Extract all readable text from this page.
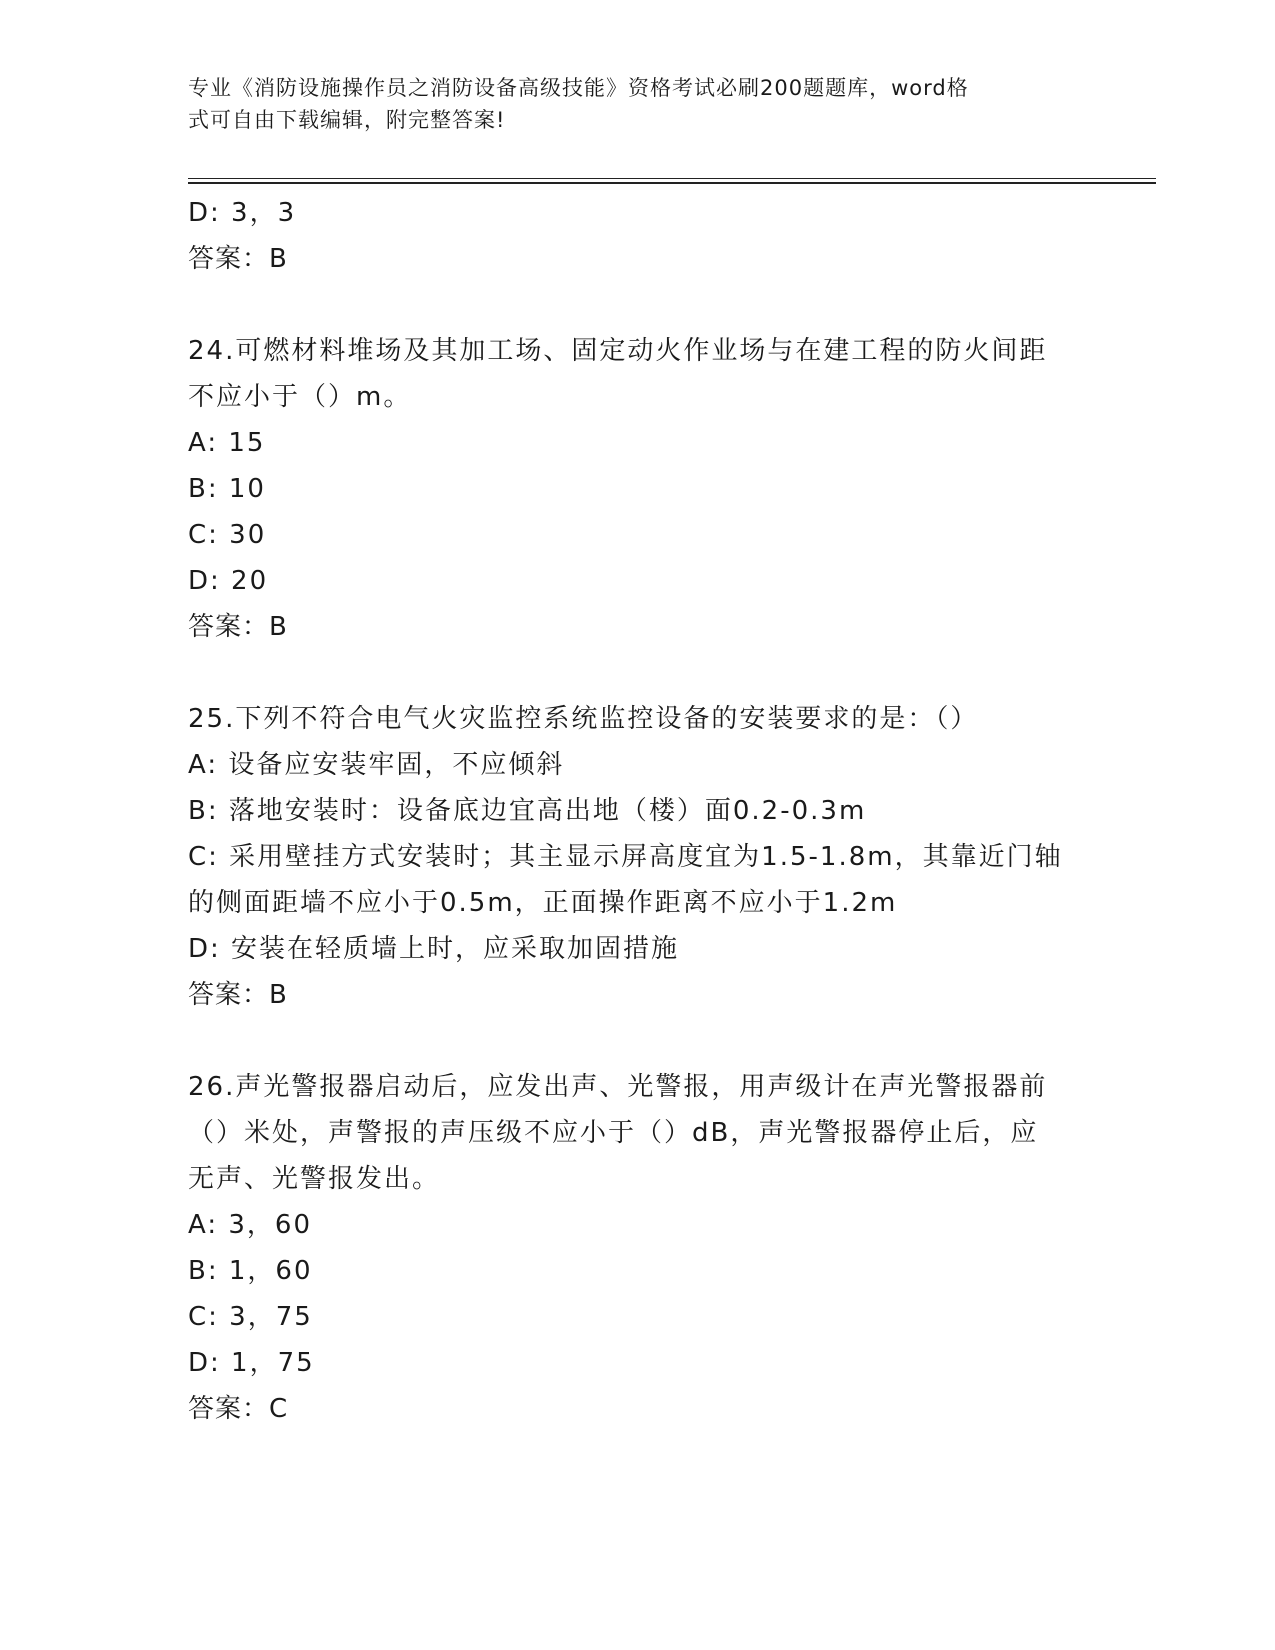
专业《消防设施操作员之消防设备高级技能》资格考试必刷200题题库，word格
式可自由下载编辑，附完整答案!
D: 3，3
答案：B
24.可燃材料堆场及其加工场、固定动火作业场与在建工程的防火间距
不应小于（）m。
A: 15
B: 10
C: 30
D: 20
答案：B
25.下列不符合电气火灾监控系统监控设备的安装要求的是：（）
A: 设备应安装牢固，不应倾斜
B: 落地安装时：设备底边宜高出地（楼）面0.2-0.3m
C: 采用壁挂方式安装时；其主显示屏高度宜为1.5-1.8m，其靠近门轴
的侧面距墙不应小于0.5m，正面操作距离不应小于1.2m
D: 安装在轻质墙上时，应采取加固措施
答案：B
26.声光警报器启动后，应发出声、光警报，用声级计在声光警报器前
（）米处，声警报的声压级不应小于（）dB，声光警报器停止后，应
无声、光警报发出。
A: 3，60
B: 1，60
C: 3，75
D: 1，75
答案：C
